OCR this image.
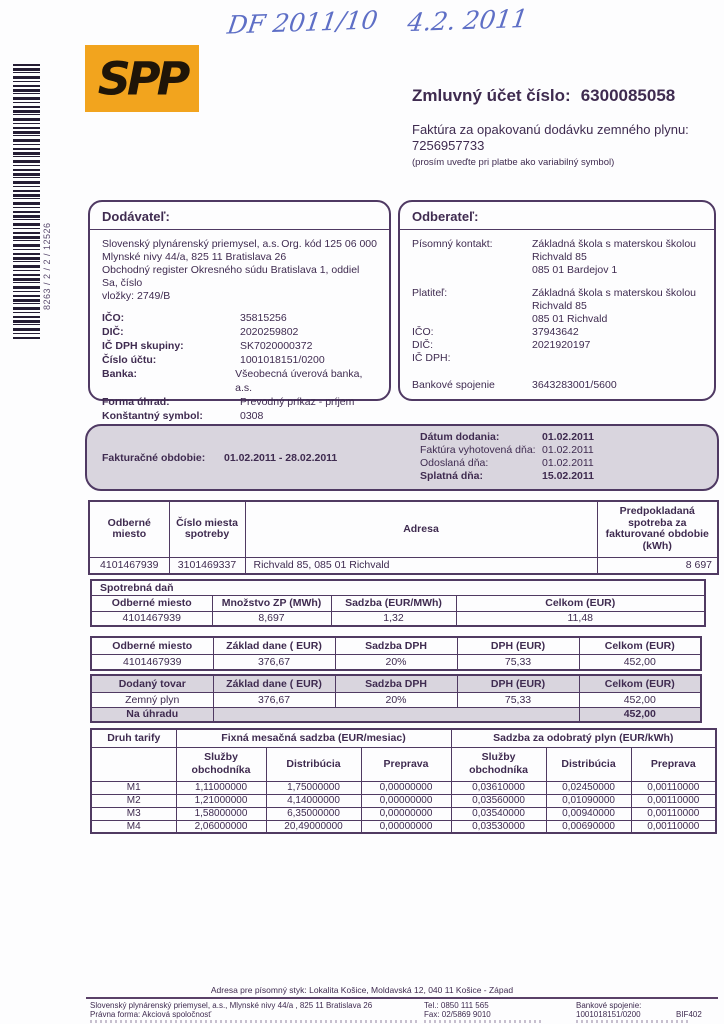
DF 2011/10 4.2. 2011
8263 / 2 / 2 / 12526
SPP	Zmluvný účet číslo: 6300085058
Faktúra za opakovanú dodávku zemného plynu:
7256957733
(prosím uveďte pri platbe ako variabilný symbol)
Dodávateľ:
Slovenský plynárenský priemysel, a.s. Org. kód 125 06 000
Mlynské nivy 44/a, 825 11 Bratislava 26
Obchodný register Okresného súdu Bratislava 1, oddiel Sa, číslo
vložky: 2749/B
IČO:	35815256
DIČ:	2020259802
IČ DPH skupiny:	SK7020000372
Číslo účtu:	1001018151/0200
Banka:	Všeobecná úverová banka, a.s.
Forma úhrad:	Prevodný príkaz - príjem
Konštantný symbol:	0308
Odberateľ:
Písomný kontakt:	Základná škola s materskou školou
Richvald 85
085 01 Bardejov 1
Platiteľ:	Základná škola s materskou školou
Richvald 85
085 01 Richvald
IČO:	37943642
DIČ:	2021920197
IČ DPH:
Bankové spojenie	3643283001/5600
Fakturačné obdobie:	01.02.2011 - 28.02.2011
Dátum dodania:	01.02.2011
Faktúra vyhotovená dňa: 01.02.2011
Odoslaná dňa:	01.02.2011
Splatná dňa:	15.02.2011
Odberné miesto	Číslo miesta spotreby	Adresa	Predpokladaná spotreba za fakturované obdobie (kWh)
4101467939	3101469337	Richvald 85, 085 01 Richvald	8 697
Spotrebná daň			
Odberné miesto	Množstvo ZP (MWh)	Sadzba (EUR/MWh)	Celkom (EUR)
4101467939	8,697	1,32	11,48
Odberné miesto	Základ dane ( EUR)	Sadzba DPH	DPH (EUR)	Celkom (EUR)
4101467939	376,67	20%	75,33	452,00
Dodaný tovar	Základ dane ( EUR)	Sadzba DPH	DPH (EUR)	Celkom (EUR)
Zemný plyn	376,67	20%	75,33	452,00
Na úhradu				452,00
Druh tarify	Fixná mesačná sadzba (EUR/mesiac)			Sadzba za odobratý plyn (EUR/kWh)		
	Služby obchodníka	Distribúcia	Preprava	Služby obchodníka	Distribúcia	Preprava
M1	1,11000000	1,75000000	0,00000000	0,03610000	0,02450000	0,00110000
M2	1,21000000	4,14000000	0,00000000	0,03560000	0,01090000	0,00110000
M3	1,58000000	6,35000000	0,00000000	0,03540000	0,00940000	0,00110000
M4	2,06000000	20,49000000	0,00000000	0,03530000	0,00690000	0,00110000
Adresa pre písomný styk: Lokalita Košice, Moldavská 12, 040 11 Košice - Západ
Slovenský plynárenský priemysel, a.s., Mlynské nivy 44/a , 825 11 Bratislava 26
Právna forma: Akciová spoločnosť
Tel.: 0850 111 565
Fax: 02/5869 9010
Bankové spojenie:
1001018151/0200	BIF402
